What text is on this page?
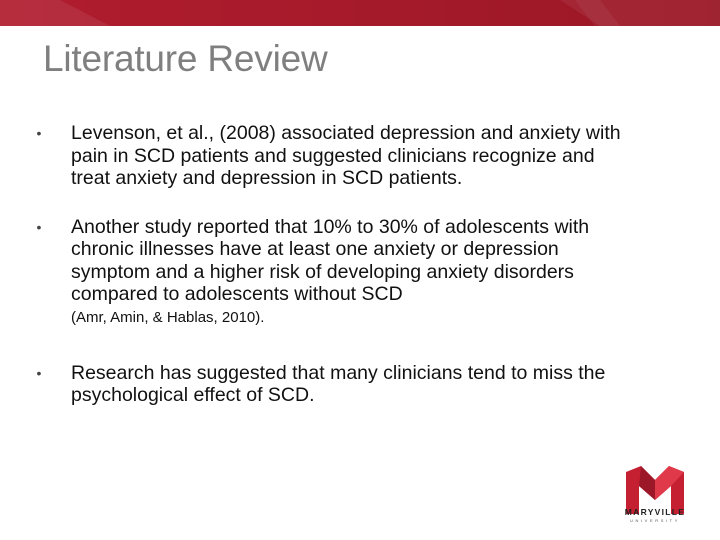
Literature Review
•	Levenson, et al., (2008) associated depression and anxiety with pain in SCD patients and suggested clinicians recognize and treat anxiety and depression in SCD patients.
•	Another study reported that 10% to 30% of adolescents with chronic illnesses have at least one anxiety or depression symptom and a higher risk of developing anxiety disorders compared to adolescents without SCD
(Amr, Amin, & Hablas, 2010).
•	Research has suggested that many clinicians tend to miss the psychological effect of SCD.
MARYVILLE
UNIVERSITY
